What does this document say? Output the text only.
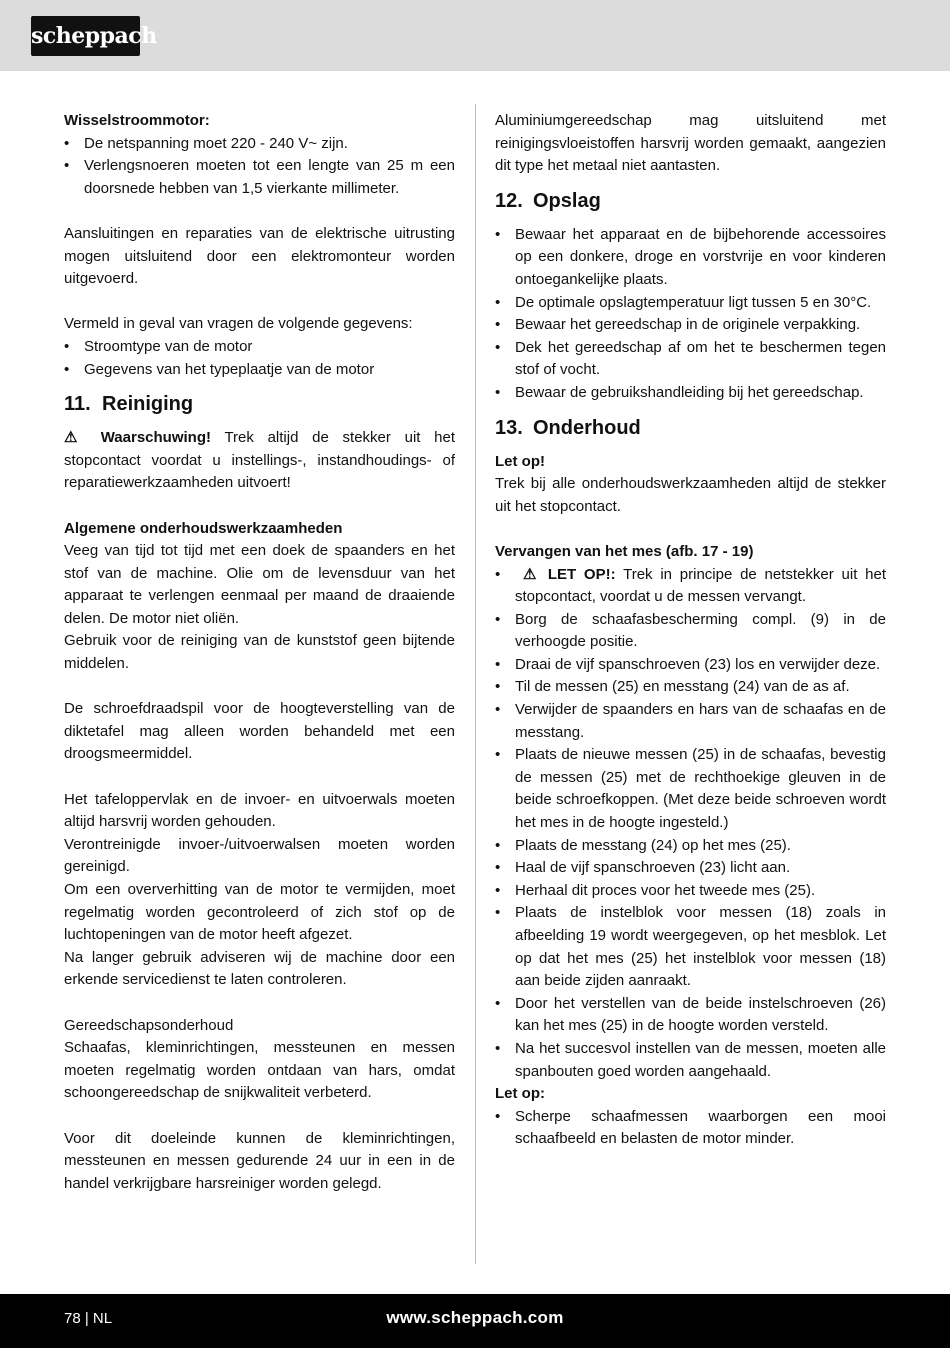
scheppach

Wisselstroommotor:

• De netspanning moet 220 - 240 V~ zijn.
• Verlengsnoeren moeten tot een lengte van 25 m een doorsnede hebben van 1,5 vierkante millimeter.

Aansluitingen en reparaties van de elektrische uitrusting mogen uitsluitend door een elektromonteur worden uitgevoerd.

Vermeld in geval van vragen de volgende gegevens:

• Stroomtype van de motor
• Gegevens van het typeplaatje van de motor
11. Reiniging

⚠ Waarschuwing! Trek altijd de stekker uit het stopcontact voordat u instellings-, instandhoudings- of reparatiewerkzaamheden uitvoert!

Algemene onderhoudswerkzaamheden

Veeg van tijd tot tijd met een doek de spaanders en het stof van de machine. Olie om de levensduur van het apparaat te verlengen eenmaal per maand de draaiende delen. De motor niet oliën.

Gebruik voor de reiniging van de kunststof geen bijtende middelen.

De schroefdraadspil voor de hoogteverstelling van de diktetafel mag alleen worden behandeld met een droogsmeermiddel.

Het tafeloppervlak en de invoer- en uitvoerwals moeten altijd harsvrij worden gehouden.

Verontreinigde invoer-/uitvoerwalsen moeten worden gereinigd.

Om een oververhitting van de motor te vermijden, moet regelmatig worden gecontroleerd of zich stof op de luchtopeningen van de motor heeft afgezet.

Na langer gebruik adviseren wij de machine door een erkende servicedienst te laten controleren.

Gereedschapsonderhoud

Schaafas, kleminrichtingen, messteunen en messen moeten regelmatig worden ontdaan van hars, omdat schoongereedschap de snijkwaliteit verbeterd.

Voor dit doeleinde kunnen de kleminrichtingen, messteunen en messen gedurende 24 uur in een in de handel verkrijgbare harsreiniger worden gelegd.

Aluminiumgereedschap mag uitsluitend met reinigingsvloeistoffen harsvrij worden gemaakt, aangezien dit type het metaal niet aantasten.

12. Opslag
• Bewaar het apparaat en de bijbehorende accessoires op een donkere, droge en vorstvrije en voor kinderen ontoegankelijke plaats.
• De optimale opslagtemperatuur ligt tussen 5 en 30°C.
• Bewaar het gereedschap in de originele verpakking.
• Dek het gereedschap af om het te beschermen tegen stof of vocht.
• Bewaar de gebruikshandleiding bij het gereedschap.
13. Onderhoud

Let op!

Trek bij alle onderhoudswerkzaamheden altijd de stekker uit het stopcontact.

Vervangen van het mes (afb. 17 - 19)

• ⚠ LET OP!: Trek in principe de netstekker uit het stopcontact, voordat u de messen vervangt.
• Borg de schaafasbescherming compl. (9) in de verhoogde positie.
• Draai de vijf spanschroeven (23) los en verwijder deze.
• Til de messen (25) en messtang (24) van de as af.
• Verwijder de spaanders en hars van de schaafas en de messtang.
• Plaats de nieuwe messen (25) in de schaafas, bevestig de messen (25) met de rechthoekige gleuven in de beide schroefkoppen. (Met deze beide schroeven wordt het mes in de hoogte ingesteld.)
• Plaats de messtang (24) op het mes (25).
• Haal de vijf spanschroeven (23) licht aan.
• Herhaal dit proces voor het tweede mes (25).
• Plaats de instelblok voor messen (18) zoals in afbeelding 19 wordt weergegeven, op het mesblok. Let op dat het mes (25) het instelblok voor messen (18) aan beide zijden aanraakt.
• Door het verstellen van de beide instelschroeven (26) kan het mes (25) in de hoogte worden versteld.
• Na het succesvol instellen van de messen, moeten alle spanbouten goed worden aangehaald.

Let op:

• Scherpe schaafmessen waarborgen een mooi schaafbeeld en belasten de motor minder.
78 | NL	www.scheppach.com
